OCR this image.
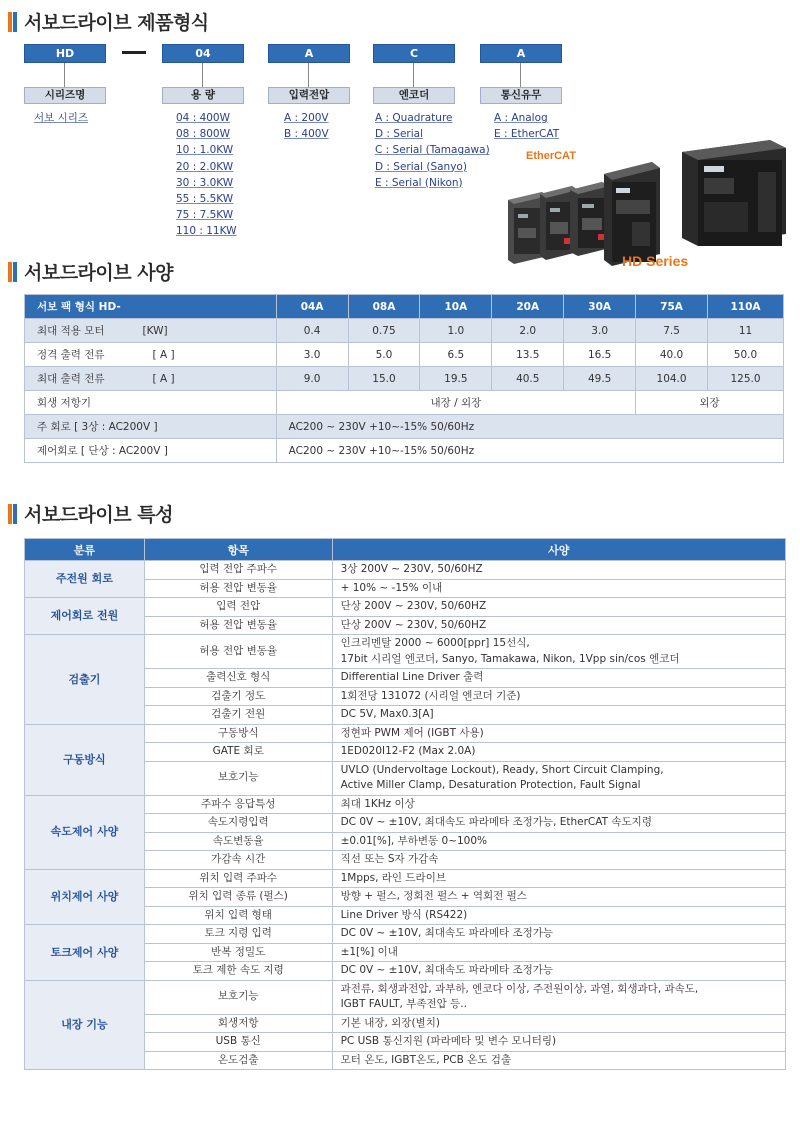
서보드라이브 제품형식
HD	04	A	C	A
시리즈명	용 량	입력전압	엔코더	통신유무
서보 시리즈	04 : 400W
08 : 800W
10 : 1.0KW
20 : 2.0KW
30 : 3.0KW
55 : 5.5KW
75 : 7.5KW
110 : 11KW
A : 200V
B : 400V
A : Quadrature
D : Serial
C : Serial (Tamagawa)
D : Serial (Sanyo)
E : Serial (Nikon)
A : Analog
E : EtherCAT
EtherCAT
HD Series
서보드라이브 사양
서보 팩 형식 HD-	04A	08A	10A	20A	30A	75A	110A
최대 적용 모터 [KW]	0.4	0.75	1.0	2.0	3.0	7.5	11
정격 출력 전류 [ A ]	3.0	5.0	6.5	13.5	16.5	40.0	50.0
최대 출력 전류 [ A ]	9.0	15.0	19.5	40.5	49.5	104.0	125.0
회생 저항기	내장 / 외장					외장	
주 회로 [ 3상 : AC200V ]	AC200 ~ 230V +10~-15% 50/60Hz						
제어회로 [ 단상 : AC200V ]	AC200 ~ 230V +10~-15% 50/60Hz						
서보드라이브 특성
분류	항목	사양
주전원 회로	입력 전압 주파수	3상 200V ~ 230V, 50/60HZ
	허용 전압 변동율	+ 10% ~ -15% 이내
제어회로 전원	입력 전압	단상 200V ~ 230V, 50/60HZ
	허용 전압 변동율	단상 200V ~ 230V, 50/60HZ
검출기	허용 전압 변동율	인크리멘탈 2000 ~ 6000[ppr] 15선식,
17bit 시리얼 엔코더, Sanyo, Tamakawa, Nikon, 1Vpp sin/cos 엔코더

	출력신호 형식	Differential Line Driver 출력
	검출기 정도	1회전당 131072 (시리얼 엔코더 기준)
	검출기 전원	DC 5V, Max0.3[A]
구동방식	구동방식	정현파 PWM 제어 (IGBT 사용)
	GATE 회로	1ED020I12-F2 (Max 2.0A)
	보호기능	UVLO (Undervoltage Lockout), Ready, Short Circuit Clamping,
Active Miller Clamp, Desaturation Protection, Fault Signal

속도제어 사양	주파수 응답특성	최대 1KHz 이상
	속도지령입력	DC 0V ~ ±10V, 최대속도 파라메타 조정가능, EtherCAT 속도지령
	속도변동율	±0.01[%], 부하변동 0~100%
	가감속 시간	직선 또는 S자 가감속
위치제어 사양	위치 입력 주파수	1Mpps, 라인 드라이브
	위치 입력 종류 (펄스)	방향 + 펄스, 정회전 펄스 + 역회전 펄스
	위치 입력 형태	Line Driver 방식 (RS422)
토크제어 사양	토크 지령 입력	DC 0V ~ ±10V, 최대속도 파라메타 조정가능
	반복 정밀도	±1[%] 이내
	토크 제한 속도 지령	DC 0V ~ ±10V, 최대속도 파라메타 조정가능
내장 기능	보호기능	과전류, 회생과전압, 과부하, 엔코다 이상, 주전원이상, 과열, 회생과다, 과속도,
IGBT FAULT, 부족전압 등..

	회생저항	기본 내장, 외장(별치)
	USB 통신	PC USB 통신지원 (파라메타 및 변수 모니터링)
	온도검출	모터 온도, IGBT온도, PCB 온도 검출
